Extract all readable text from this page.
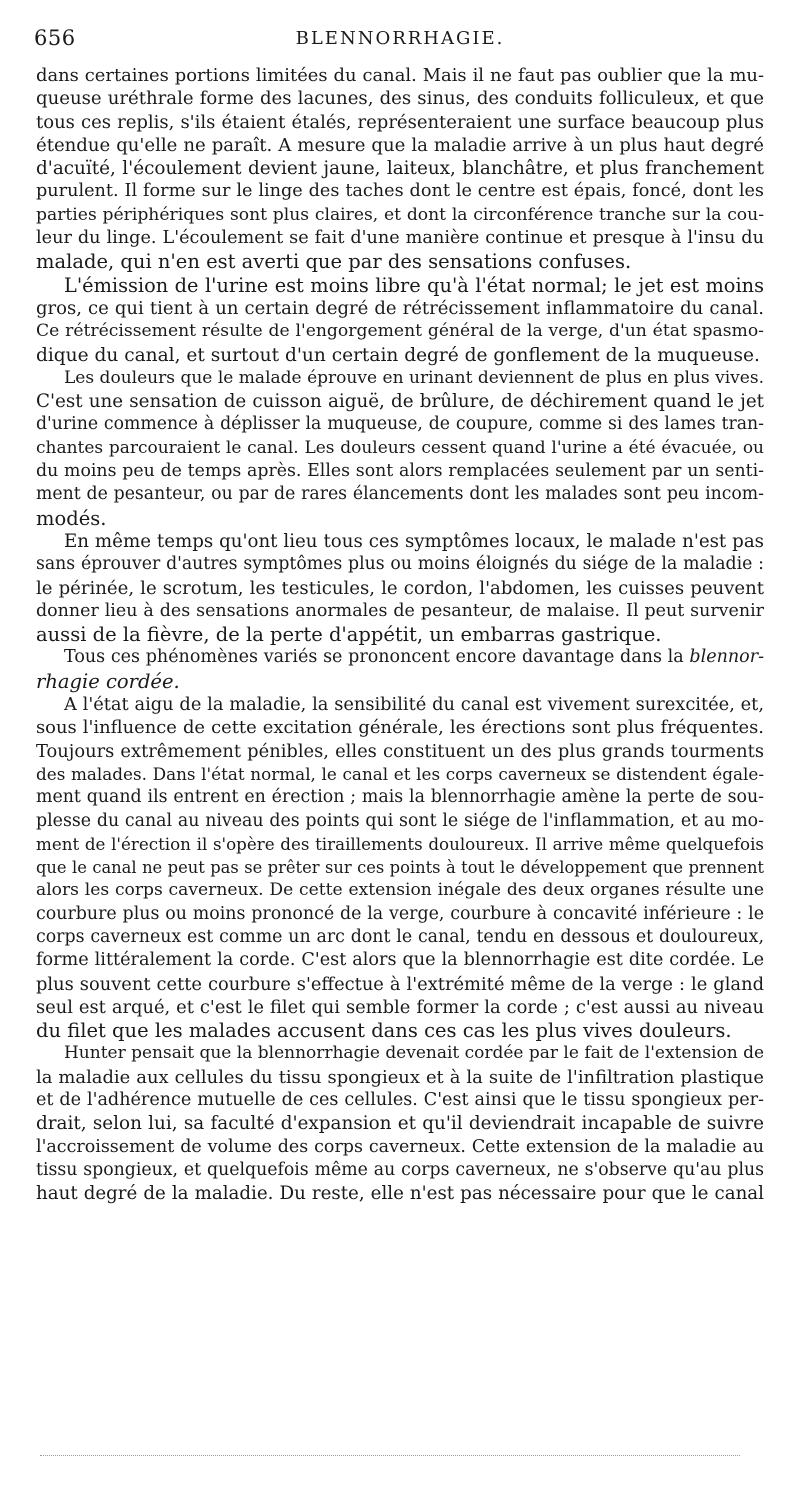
656	BLENNORRHAGIE.

dans certaines portions limitées du canal. Mais il ne faut pas oublier que la mu-
queuse uréthrale forme des lacunes, des sinus, des conduits folliculeux, et que
tous ces replis, s'ils étaient étalés, représenteraient une surface beaucoup plus
étendue qu'elle ne paraît. A mesure que la maladie arrive à un plus haut degré
d'acuïté, l'écoulement devient jaune, laiteux, blanchâtre, et plus franchement
purulent. Il forme sur le linge des taches dont le centre est épais, foncé, dont les
parties périphériques sont plus claires, et dont la circonférence tranche sur la cou-
leur du linge. L'écoulement se fait d'une manière continue et presque à l'insu du
malade, qui n'en est averti que par des sensations confuses.

L'émission de l'urine est moins libre qu'à l'état normal; le jet est moins
gros, ce qui tient à un certain degré de rétrécissement inflammatoire du canal.
Ce rétrécissement résulte de l'engorgement général de la verge, d'un état spasmo-
dique du canal, et surtout d'un certain degré de gonflement de la muqueuse.

Les douleurs que le malade éprouve en urinant deviennent de plus en plus vives.
C'est une sensation de cuisson aiguë, de brûlure, de déchirement quand le jet
d'urine commence à déplisser la muqueuse, de coupure, comme si des lames tran-
chantes parcouraient le canal. Les douleurs cessent quand l'urine a été évacuée, ou
du moins peu de temps après. Elles sont alors remplacées seulement par un senti-
ment de pesanteur, ou par de rares élancements dont les malades sont peu incom-
modés.

En même temps qu'ont lieu tous ces symptômes locaux, le malade n'est pas
sans éprouver d'autres symptômes plus ou moins éloignés du siége de la maladie :
le périnée, le scrotum, les testicules, le cordon, l'abdomen, les cuisses peuvent
donner lieu à des sensations anormales de pesanteur, de malaise. Il peut survenir
aussi de la fièvre, de la perte d'appétit, un embarras gastrique.

Tous ces phénomènes variés se prononcent encore davantage dans la blennor-
rhagie cordée.

A l'état aigu de la maladie, la sensibilité du canal est vivement surexcitée, et,
sous l'influence de cette excitation générale, les érections sont plus fréquentes.
Toujours extrêmement pénibles, elles constituent un des plus grands tourments
des malades. Dans l'état normal, le canal et les corps caverneux se distendent égale-
ment quand ils entrent en érection ; mais la blennorrhagie amène la perte de sou-
plesse du canal au niveau des points qui sont le siége de l'inflammation, et au mo-
ment de l'érection il s'opère des tiraillements douloureux. Il arrive même quelquefois
que le canal ne peut pas se prêter sur ces points à tout le développement que prennent
alors les corps caverneux. De cette extension inégale des deux organes résulte une
courbure plus ou moins prononcé de la verge, courbure à concavité inférieure : le
corps caverneux est comme un arc dont le canal, tendu en dessous et douloureux,
forme littéralement la corde. C'est alors que la blennorrhagie est dite cordée. Le
plus souvent cette courbure s'effectue à l'extrémité même de la verge : le gland
seul est arqué, et c'est le filet qui semble former la corde ; c'est aussi au niveau
du filet que les malades accusent dans ces cas les plus vives douleurs.

Hunter pensait que la blennorrhagie devenait cordée par le fait de l'extension de
la maladie aux cellules du tissu spongieux et à la suite de l'infiltration plastique
et de l'adhérence mutuelle de ces cellules. C'est ainsi que le tissu spongieux per-
drait, selon lui, sa faculté d'expansion et qu'il deviendrait incapable de suivre
l'accroissement de volume des corps caverneux. Cette extension de la maladie au
tissu spongieux, et quelquefois même au corps caverneux, ne s'observe qu'au plus
haut degré de la maladie. Du reste, elle n'est pas nécessaire pour que le canal
